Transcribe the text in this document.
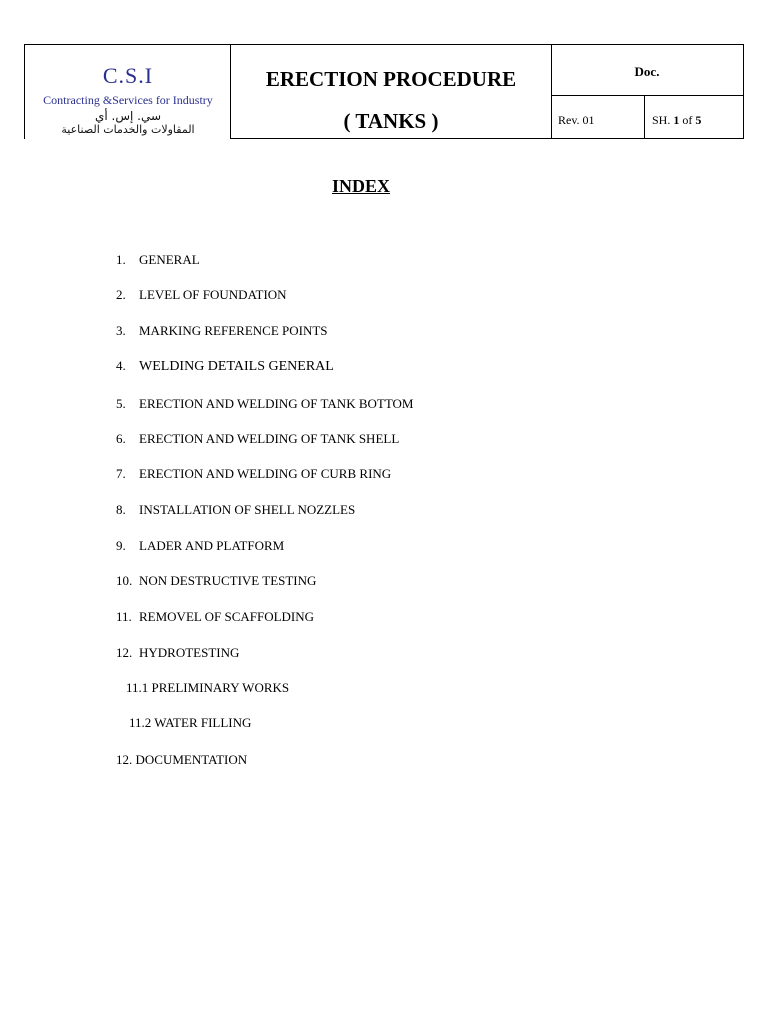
C.S.I
Contracting &Services for Industry
سي. إس. أي
المقاولات والخدمات الصناعية
ERECTION PROCEDURE
( TANKS )
Doc.
Rev. 01	SH. 1 of 5
INDEX
1. GENERAL
2. LEVEL OF FOUNDATION
3. MARKING REFERENCE POINTS
4. WELDING DETAILS GENERAL
5. ERECTION AND WELDING OF TANK BOTTOM
6. ERECTION AND WELDING OF TANK SHELL
7. ERECTION AND WELDING OF CURB RING
8. INSTALLATION OF SHELL NOZZLES
9. LADER AND PLATFORM
10. NON DESTRUCTIVE TESTING
11. REMOVEL OF SCAFFOLDING
12. HYDROTESTING
11.1 PRELIMINARY WORKS
11.2 WATER FILLING
12. DOCUMENTATION
